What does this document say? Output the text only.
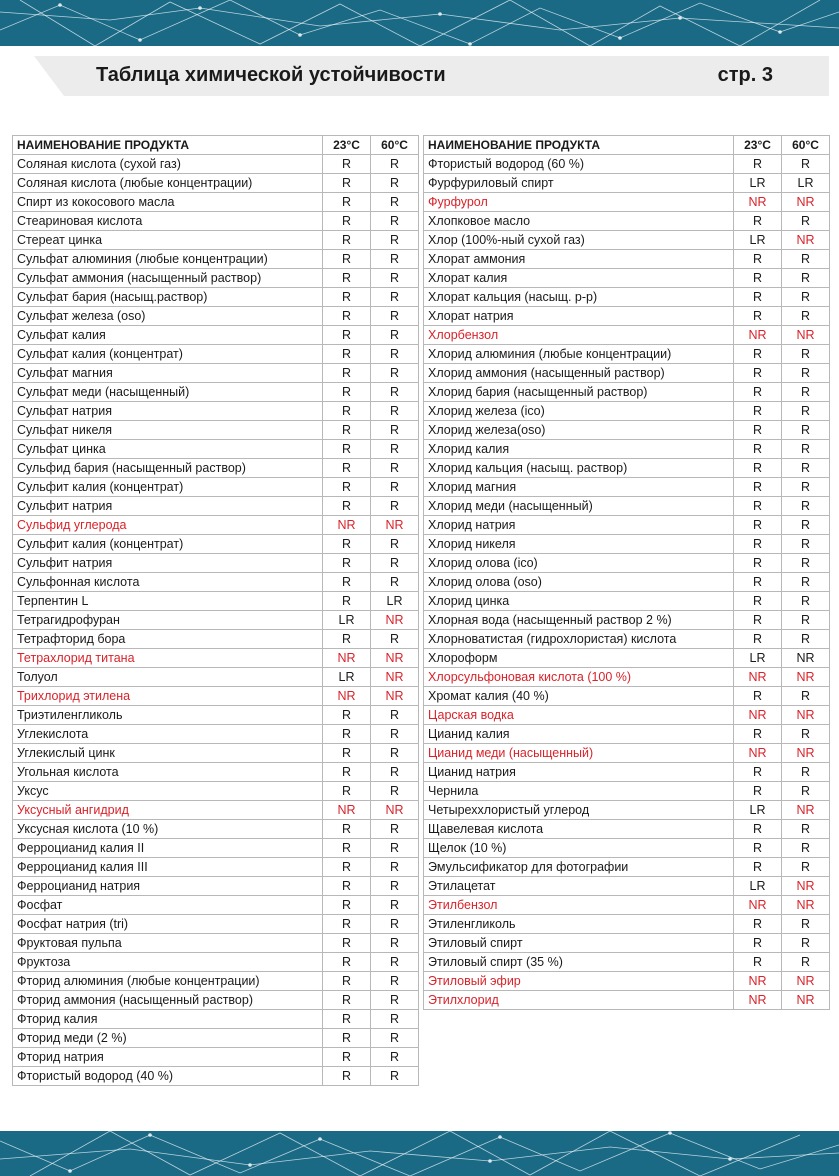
Таблица химической устойчивости	стр. 3
НАИМЕНОВАНИЕ ПРОДУКТА	23°C	60°C
Соляная кислота (сухой газ)	R	R
Соляная кислота (любые концентрации)	R	R
Спирт из кокосового масла	R	R
Стеариновая кислота	R	R
Стереат цинка	R	R
Сульфат алюминия (любые концентрации)	R	R
Сульфат аммония (насыщенный раствор)	R	R
Сульфат бария (насыщ.раствор)	R	R
Сульфат железа (oso)	R	R
Сульфат калия	R	R
Сульфат калия (концентрат)	R	R
Сульфат магния	R	R
Сульфат меди (насыщенный)	R	R
Сульфат натрия	R	R
Сульфат никеля	R	R
Сульфат цинка	R	R
Сульфид бария (насыщенный раствор)	R	R
Сульфит калия (концентрат)	R	R
Сульфит натрия	R	R
Сульфид углерода	NR	NR
Сульфит калия (концентрат)	R	R
Сульфит натрия	R	R
Сульфонная кислота	R	R
Терпентин L	R	LR
Тетрагидрофуран	LR	NR
Тетрафторид бора	R	R
Тетрахлорид титана	NR	NR
Толуол	LR	NR
Трихлорид этилена	NR	NR
Триэтиленгликоль	R	R
Углекислота	R	R
Углекислый цинк	R	R
Угольная кислота	R	R
Уксус	R	R
Уксусный ангидрид	NR	NR
Уксусная кислота (10 %)	R	R
Ферроцианид калия II	R	R
Ферроцианид калия III	R	R
Ферроцианид натрия	R	R
Фосфат	R	R
Фосфат натрия (tri)	R	R
Фруктовая пульпа	R	R
Фруктоза	R	R
Фторид алюминия (любые концентрации)	R	R
Фторид аммония (насыщенный раствор)	R	R
Фторид калия	R	R
Фторид меди (2 %)	R	R
Фторид натрия	R	R
Фтористый водород (40 %)	R	R
НАИМЕНОВАНИЕ ПРОДУКТА	23°C	60°C
Фтористый водород (60 %)	R	R
Фурфуриловый спирт	LR	LR
Фурфурол	NR	NR
Хлопковое масло	R	R
Хлор (100%-ный сухой газ)	LR	NR
Хлорат аммония	R	R
Хлорат калия	R	R
Хлорат кальция (насыщ. р-р)	R	R
Хлорат натрия	R	R
Хлорбензол	NR	NR
Хлорид алюминия (любые концентрации)	R	R
Хлорид аммония (насыщенный раствор)	R	R
Хлорид бария (насыщенный раствор)	R	R
Хлорид железа (ico)	R	R
Хлорид железа(oso)	R	R
Хлорид калия	R	R
Хлорид кальция (насыщ. раствор)	R	R
Хлорид магния	R	R
Хлорид меди (насыщенный)	R	R
Хлорид натрия	R	R
Хлорид никеля	R	R
Хлорид олова (ico)	R	R
Хлорид олова (oso)	R	R
Хлорид цинка	R	R
Хлорная вода (насыщенный раствор 2 %)	R	R
Хлорноватистая (гидрохлористая) кислота	R	R
Хлороформ	LR	NR
Хлорсульфоновая кислота (100 %)	NR	NR
Хромат калия (40 %)	R	R
Царская водка	NR	NR
Цианид калия	R	R
Цианид меди (насыщенный)	NR	NR
Цианид натрия	R	R
Чернила	R	R
Четыреххлористый углерод	LR	NR
Щавелевая кислота	R	R
Щелок (10 %)	R	R
Эмульсификатор для фотографии	R	R
Этилацетат	LR	NR
Этилбензол	NR	NR
Этиленгликоль	R	R
Этиловый спирт	R	R
Этиловый спирт (35 %)	R	R
Этиловый эфир	NR	NR
Этилхлорид	NR	NR
